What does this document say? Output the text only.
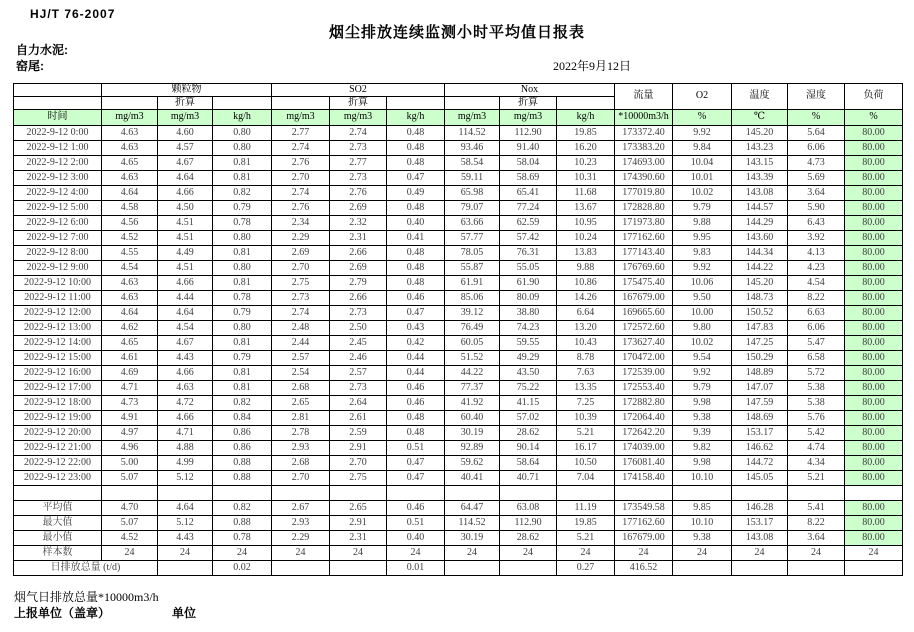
HJ/T 76-2007
烟尘排放连续监测小时平均值日报表
自力水泥:
窑尾:	2022年9月12日
	颗粒物			SO2			Nox			流量	O2	温度	湿度	负荷
		折算			折算			折算						
时间	mg/m3	mg/m3	kg/h	mg/m3	mg/m3	kg/h	mg/m3	mg/m3	kg/h	*10000m3/h	%	℃	%	%
2022-9-12 0:00	4.63	4.60	0.80	2.77	2.74	0.48	114.52	112.90	19.85	173372.40	9.92	145.20	5.64	80.00
2022-9-12 1:00	4.63	4.57	0.80	2.74	2.73	0.48	93.46	91.40	16.20	173383.20	9.84	143.23	6.06	80.00
2022-9-12 2:00	4.65	4.67	0.81	2.76	2.77	0.48	58.54	58.04	10.23	174693.00	10.04	143.15	4.73	80.00
2022-9-12 3:00	4.63	4.64	0.81	2.70	2.73	0.47	59.11	58.69	10.31	174390.60	10.01	143.39	5.69	80.00
2022-9-12 4:00	4.64	4.66	0.82	2.74	2.76	0.49	65.98	65.41	11.68	177019.80	10.02	143.08	3.64	80.00
2022-9-12 5:00	4.58	4.50	0.79	2.76	2.69	0.48	79.07	77.24	13.67	172828.80	9.79	144.57	5.90	80.00
2022-9-12 6:00	4.56	4.51	0.78	2.34	2.32	0.40	63.66	62.59	10.95	171973.80	9.88	144.29	6.43	80.00
2022-9-12 7:00	4.52	4.51	0.80	2.29	2.31	0.41	57.77	57.42	10.24	177162.60	9.95	143.60	3.92	80.00
2022-9-12 8:00	4.55	4.49	0.81	2.69	2.66	0.48	78.05	76.31	13.83	177143.40	9.83	144.34	4.13	80.00
2022-9-12 9:00	4.54	4.51	0.80	2.70	2.69	0.48	55.87	55.05	9.88	176769.60	9.92	144.22	4.23	80.00
2022-9-12 10:00	4.63	4.66	0.81	2.75	2.79	0.48	61.91	61.90	10.86	175475.40	10.06	145.20	4.54	80.00
2022-9-12 11:00	4.63	4.44	0.78	2.73	2.66	0.46	85.06	80.09	14.26	167679.00	9.50	148.73	8.22	80.00
2022-9-12 12:00	4.64	4.64	0.79	2.74	2.73	0.47	39.12	38.80	6.64	169665.60	10.00	150.52	6.63	80.00
2022-9-12 13:00	4.62	4.54	0.80	2.48	2.50	0.43	76.49	74.23	13.20	172572.60	9.80	147.83	6.06	80.00
2022-9-12 14:00	4.65	4.67	0.81	2.44	2.45	0.42	60.05	59.55	10.43	173627.40	10.02	147.25	5.47	80.00
2022-9-12 15:00	4.61	4.43	0.79	2.57	2.46	0.44	51.52	49.29	8.78	170472.00	9.54	150.29	6.58	80.00
2022-9-12 16:00	4.69	4.66	0.81	2.54	2.57	0.44	44.22	43.50	7.63	172539.00	9.92	148.89	5.72	80.00
2022-9-12 17:00	4.71	4.63	0.81	2.68	2.73	0.46	77.37	75.22	13.35	172553.40	9.79	147.07	5.38	80.00
2022-9-12 18:00	4.73	4.72	0.82	2.65	2.64	0.46	41.92	41.15	7.25	172882.80	9.98	147.59	5.38	80.00
2022-9-12 19:00	4.91	4.66	0.84	2.81	2.61	0.48	60.40	57.02	10.39	172064.40	9.38	148.69	5.76	80.00
2022-9-12 20:00	4.97	4.71	0.86	2.78	2.59	0.48	30.19	28.62	5.21	172642.20	9.39	153.17	5.42	80.00
2022-9-12 21:00	4.96	4.88	0.86	2.93	2.91	0.51	92.89	90.14	16.17	174039.00	9.82	146.62	4.74	80.00
2022-9-12 22:00	5.00	4.99	0.88	2.68	2.70	0.47	59.62	58.64	10.50	176081.40	9.98	144.72	4.34	80.00
2022-9-12 23:00	5.07	5.12	0.88	2.70	2.75	0.47	40.41	40.71	7.04	174158.40	10.10	145.05	5.21	80.00

平均值	4.70	4.64	0.82	2.67	2.65	0.46	64.47	63.08	11.19	173549.58	9.85	146.28	5.41	80.00
最大值	5.07	5.12	0.88	2.93	2.91	0.51	114.52	112.90	19.85	177162.60	10.10	153.17	8.22	80.00
最小值	4.52	4.43	0.78	2.29	2.31	0.40	30.19	28.62	5.21	167679.00	9.38	143.08	3.64	80.00
样本数	24	24	24	24	24	24	24	24	24	24	24	24	24	24
日排放总量 (t/d)			0.02			0.01			0.27	416.52				
烟气日排放总量*10000m3/h
上报单位（盖章）	单位
